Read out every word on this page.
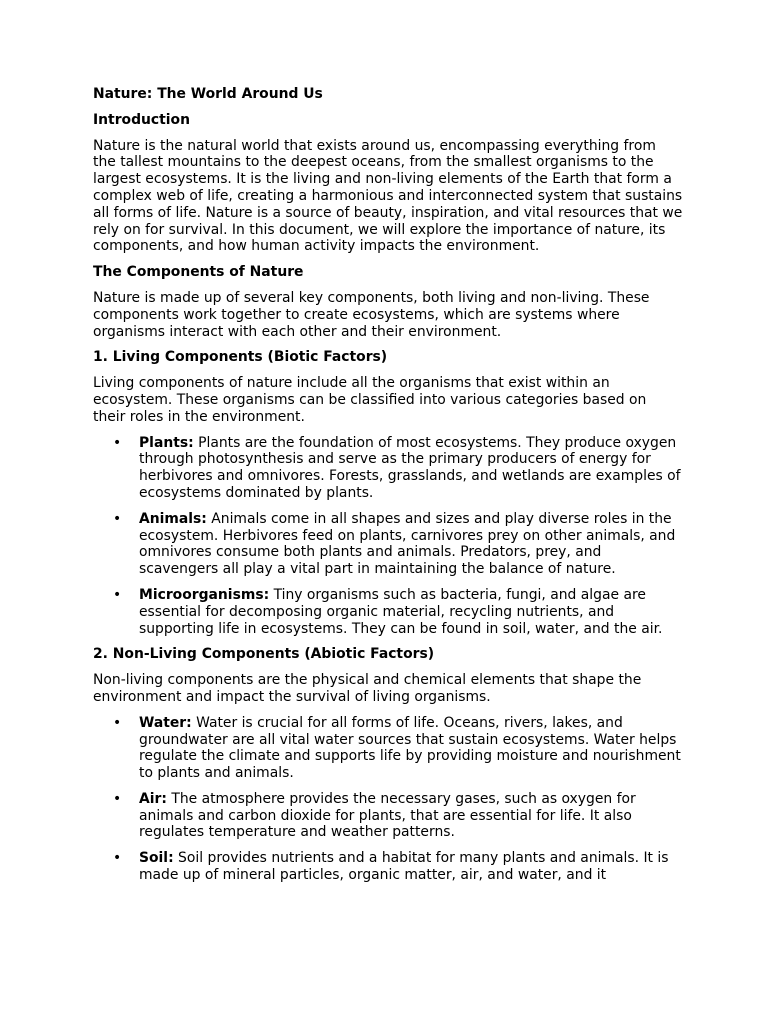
Nature: The World Around Us
Introduction

Nature is the natural world that exists around us, encompassing everything from the tallest mountains to the deepest oceans, from the smallest organisms to the largest ecosystems. It is the living and non-living elements of the Earth that form a complex web of life, creating a harmonious and interconnected system that sustains all forms of life. Nature is a source of beauty, inspiration, and vital resources that we rely on for survival. In this document, we will explore the importance of nature, its components, and how human activity impacts the environment.

The Components of Nature

Nature is made up of several key components, both living and non-living. These components work together to create ecosystems, which are systems where organisms interact with each other and their environment.

1. Living Components (Biotic Factors)

Living components of nature include all the organisms that exist within an ecosystem. These organisms can be classified into various categories based on their roles in the environment.

• Plants: Plants are the foundation of most ecosystems. They produce oxygen through photosynthesis and serve as the primary producers of energy for herbivores and omnivores. Forests, grasslands, and wetlands are examples of ecosystems dominated by plants.
• Animals: Animals come in all shapes and sizes and play diverse roles in the ecosystem. Herbivores feed on plants, carnivores prey on other animals, and omnivores consume both plants and animals. Predators, prey, and scavengers all play a vital part in maintaining the balance of nature.
• Microorganisms: Tiny organisms such as bacteria, fungi, and algae are essential for decomposing organic material, recycling nutrients, and supporting life in ecosystems. They can be found in soil, water, and the air.
2. Non-Living Components (Abiotic Factors)

Non-living components are the physical and chemical elements that shape the environment and impact the survival of living organisms.

• Water: Water is crucial for all forms of life. Oceans, rivers, lakes, and groundwater are all vital water sources that sustain ecosystems. Water helps regulate the climate and supports life by providing moisture and nourishment to plants and animals.
• Air: The atmosphere provides the necessary gases, such as oxygen for animals and carbon dioxide for plants, that are essential for life. It also regulates temperature and weather patterns.
• Soil: Soil provides nutrients and a habitat for many plants and animals. It is made up of mineral particles, organic matter, air, and water, and it
